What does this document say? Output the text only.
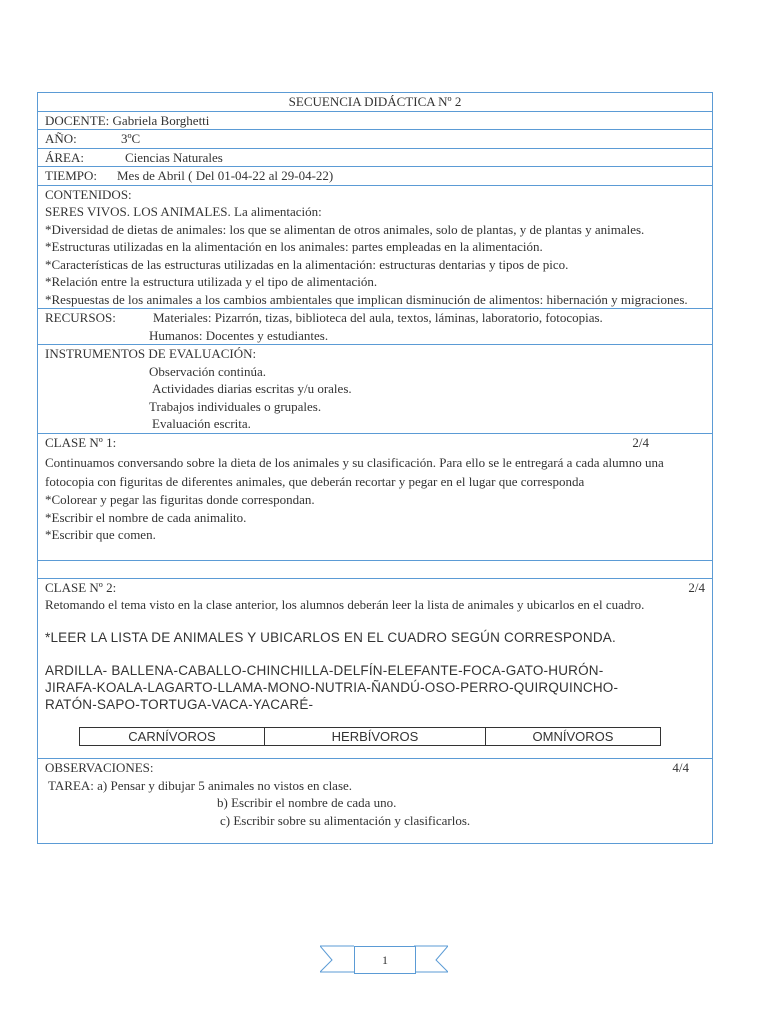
SECUENCIA DIDÁCTICA Nº 2
DOCENTE: Gabriela Borghetti
AÑO:	3ºC
ÁREA:	Ciencias Naturales
TIEMPO: Mes de Abril ( Del 01-04-22 al 29-04-22)
CONTENIDOS:
SERES VIVOS. LOS ANIMALES. La alimentación:
*Diversidad de dietas de animales: los que se alimentan de otros animales, solo de plantas, y de plantas y animales.
*Estructuras utilizadas en la alimentación en los animales: partes empleadas en la alimentación.
*Características de las estructuras utilizadas en la alimentación: estructuras dentarias y tipos de pico.
*Relación entre la estructura utilizada y el tipo de alimentación.
*Respuestas de los animales a los cambios ambientales que implican disminución de alimentos: hibernación y migraciones.
RECURSOS:	Materiales: Pizarrón, tizas, biblioteca del aula, textos, láminas, laboratorio, fotocopias.
Humanos: Docentes y estudiantes.
INSTRUMENTOS DE EVALUACIÓN:
Observación continúa.
Actividades diarias escritas y/u orales.
Trabajos individuales o grupales.
Evaluación escrita.
CLASE Nº 1:	2/4
Continuamos conversando sobre la dieta de los animales y su clasificación. Para ello se le entregará a cada alumno una fotocopia con figuritas de diferentes animales, que deberán recortar y pegar en el lugar que corresponda
*Colorear y pegar las figuritas donde correspondan.
*Escribir el nombre de cada animalito.
*Escribir que comen.
CLASE Nº 2:	2/4
Retomando el tema visto en la clase anterior, los alumnos deberán leer la lista de animales y ubicarlos en el cuadro.
*LEER LA LISTA DE ANIMALES Y UBICARLOS EN EL CUADRO SEGÚN CORRESPONDA.
ARDILLA- BALLENA-CABALLO-CHINCHILLA-DELFÍN-ELEFANTE-FOCA-GATO-HURÓN-
JIRAFA-KOALA-LAGARTO-LLAMA-MONO-NUTRIA-ÑANDÚ-OSO-PERRO-QUIRQUINCHO-
RATÓN-SAPO-TORTUGA-VACA-YACARÉ-
CARNÍVOROS	HERBÍVOROS	OMNÍVOROS
OBSERVACIONES:	4/4
TAREA: a) Pensar y dibujar 5 animales no vistos en clase.
b) Escribir el nombre de cada uno.
c) Escribir sobre su alimentación y clasificarlos.
1
